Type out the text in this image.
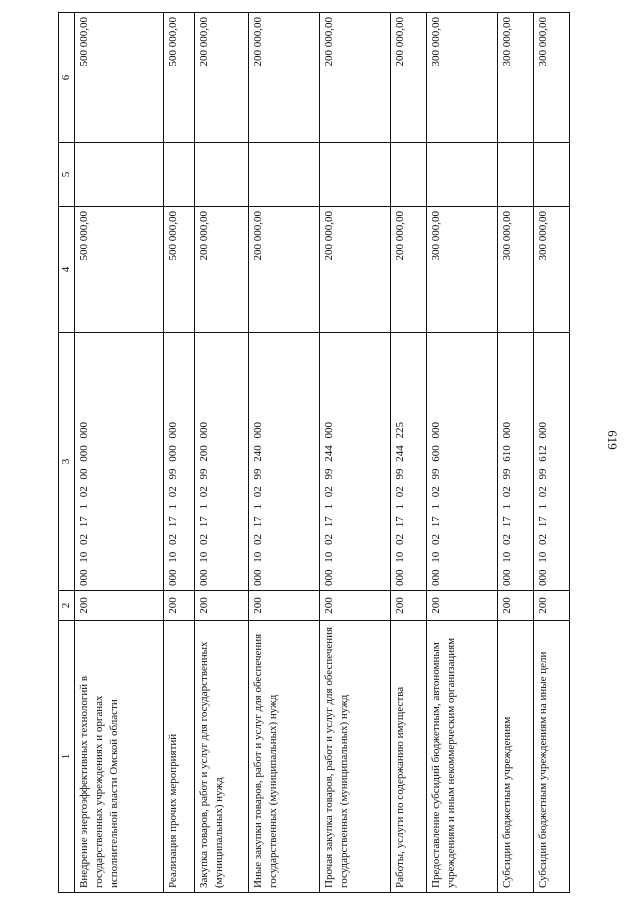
619
1	2	3	4	5	6
Внедрение энергоэффективных технологий в государственных учреждениях и органах исполнительной власти Омской области	200	000 10 02 17 1 02 00 000 000	500 000,00		500 000,00
Реализация прочих мероприятий	200	000 10 02 17 1 02 99 000 000	500 000,00		500 000,00
Закупка товаров, работ и услуг для государственных (муниципальных) нужд	200	000 10 02 17 1 02 99 200 000	200 000,00		200 000,00
Иные закупки товаров, работ и услуг для обеспечения государственных (муниципальных) нужд	200	000 10 02 17 1 02 99 240 000	200 000,00		200 000,00
Прочая закупка товаров, работ и услуг для обеспечения государственных (муниципальных) нужд	200	000 10 02 17 1 02 99 244 000	200 000,00		200 000,00
Работы, услуги по содержанию имущества	200	000 10 02 17 1 02 99 244 225	200 000,00		200 000,00
Предоставление субсидий бюджетным, автономным учреждениям и иным некоммерческим организациям	200	000 10 02 17 1 02 99 600 000	300 000,00		300 000,00
Субсидии бюджетным учреждениям	200	000 10 02 17 1 02 99 610 000	300 000,00		300 000,00
Субсидии бюджетным учреждениям на иные цели	200	000 10 02 17 1 02 99 612 000	300 000,00		300 000,00
